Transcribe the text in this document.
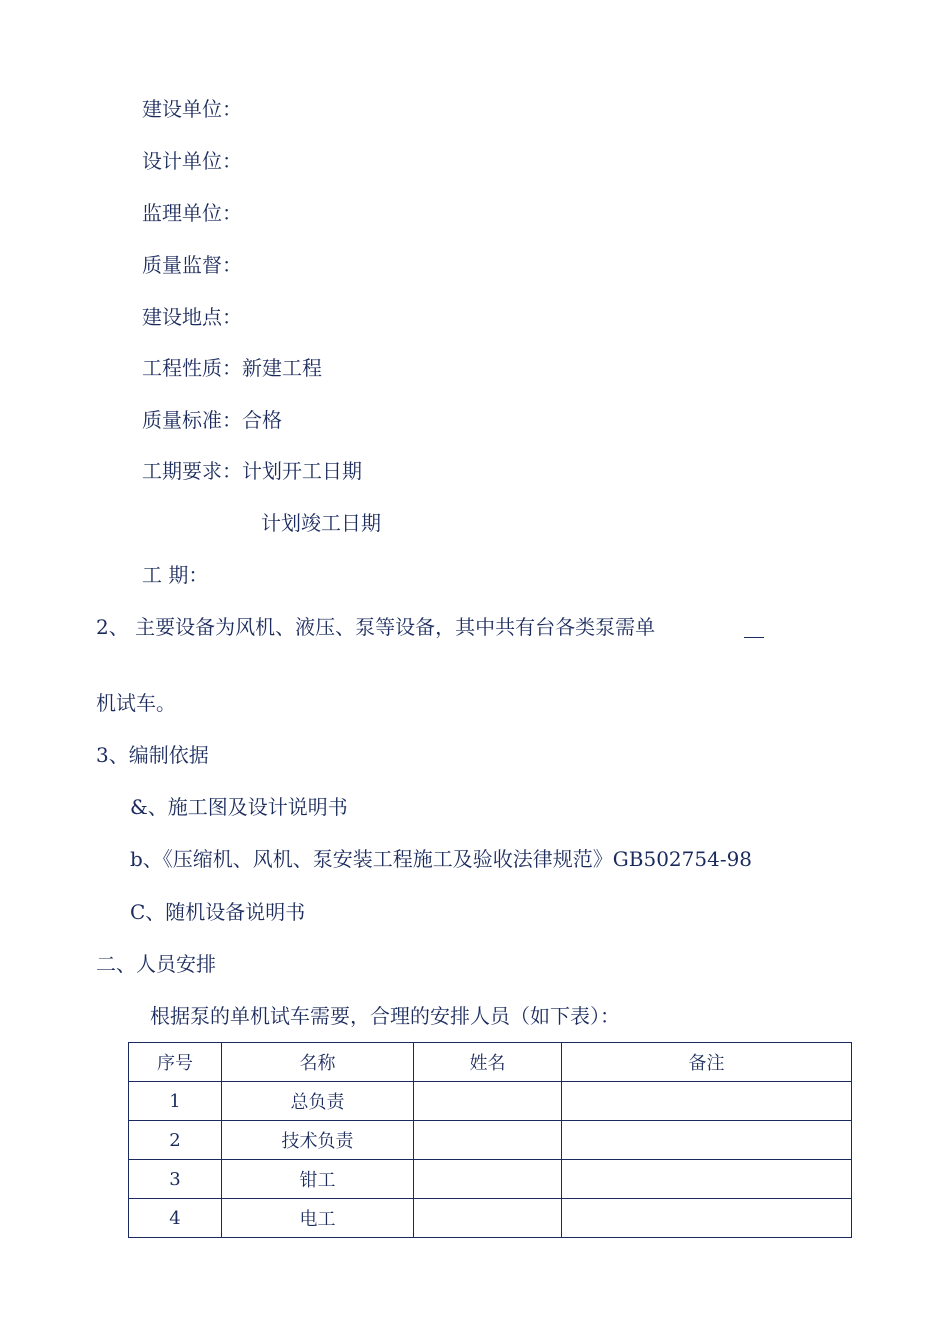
建设单位：
设计单位：
监理单位：
质量监督：
建设地点：
工程性质：新建工程
质量标准：合格
工期要求：计划开工日期
计划竣工日期
工 期：
2、 主要设备为风机、液压、泵等设备，其中共有台各类泵需单
机试车。
3、编制依据
&、施工图及设计说明书
b、《压缩机、风机、泵安装工程施工及验收法律规范》GB502754-98
C、随机设备说明书
二、人员安排
根据泵的单机试车需要，合理的安排人员（如下表）：
序号	名称	姓名	备注
1	总负责		
2	技术负责		
3	钳工		
4	电工		
